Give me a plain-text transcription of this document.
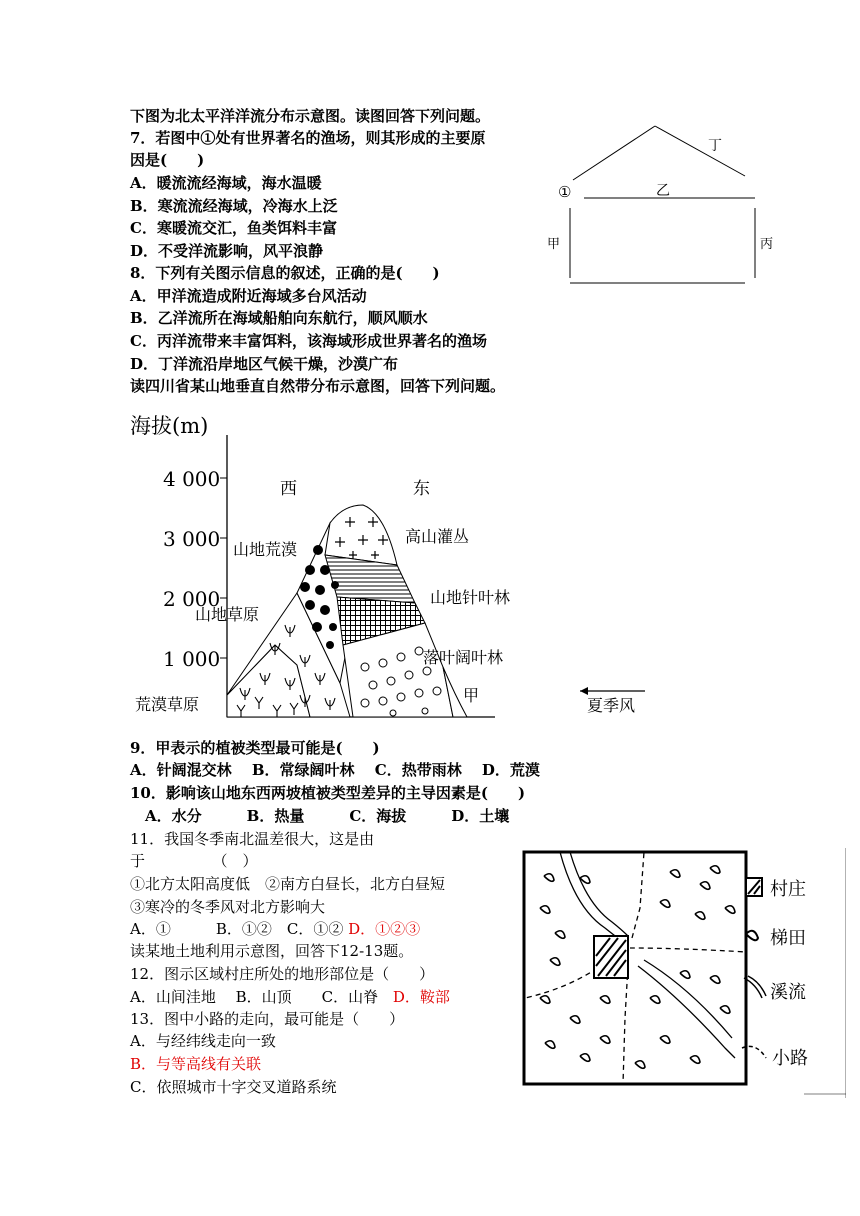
下图为北太平洋洋流分布示意图。读图回答下列问题。
7．若图中①处有世界著名的渔场，则其形成的主要原
因是(　　)
A．暖流流经海域，海水温暖
B．寒流流经海域，冷海水上泛
C．寒暖流交汇，鱼类饵料丰富
D．不受洋流影响，风平浪静
8．下列有关图示信息的叙述，正确的是(　　)
A．甲洋流造成附近海域多台风活动
B．乙洋流所在海域船舶向东航行，顺风顺水
C．丙洋流带来丰富饵料，该海域形成世界著名的渔场
D．丁洋流沿岸地区气候干燥，沙漠广布
读四川省某山地垂直自然带分布示意图，回答下列问题。
①	乙
丁
甲	丙
海拔(m)
4 000
3 000
2 000
1 000
西	东
山地荒漠
高山灌丛
山地草原
山地针叶林
荒漠草原
落叶阔叶林
甲
夏季风
9．甲表示的植被类型最可能是(　　)
A．针阔混交林　 B．常绿阔叶林　 C．热带雨林　 D．荒漠
10．影响该山地东西两坡植被类型差异的主导因素是(　　)
　A．水分　　　B．热量　　　C．海拔　　　D．土壤
11．我国冬季南北温差很大，这是由
于　　　　　（　）
①北方太阳高度低　②南方白昼长，北方白昼短
③寒冷的冬季风对北方影响大
A．①　　　B．①②　C．①② D．①②③
读某地土地利用示意图，回答下12-13题。
12．图示区域村庄所处的地形部位是（　　）
A．山间洼地　 B．山顶　　C．山脊 D．鞍部
13．图中小路的走向，最可能是（　　）
A．与经纬线走向一致
B．与等高线有关联
C．依照城市十字交叉道路系统
村庄
梯田
溪流
小路
